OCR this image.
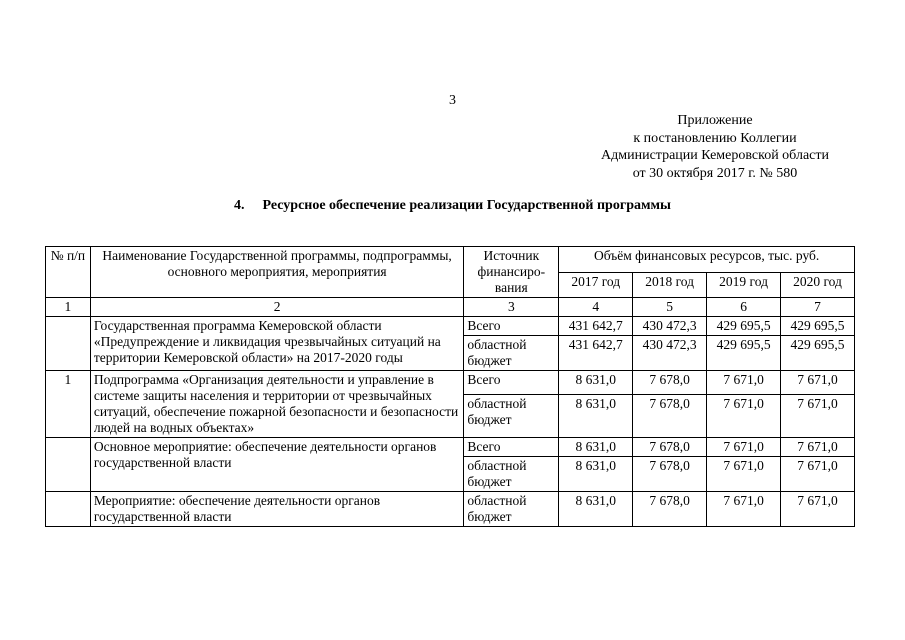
3
Приложение
к постановлению Коллегии
Администрации Кемеровской области
от 30 октября 2017 г. № 580
4. Ресурсное обеспечение реализации Государственной программы
№ п/п	Наименование Государственной программы, подпрограммы, основного мероприятия, мероприятия	Источник финансиро-вания	Объём финансовых ресурсов, тыс. руб.			
			2017 год	2018 год	2019 год	2020 год
1	2	3	4	5	6	7
	Государственная программа Кемеровской области «Предупреждение и ликвидация чрезвычайных ситуаций на территории Кемеровской области» на 2017-2020 годы	Всего	431 642,7	430 472,3	429 695,5	429 695,5
		областной бюджет	431 642,7	430 472,3	429 695,5	429 695,5
1	Подпрограмма «Организация деятельности и управление в системе защиты населения и территории от чрезвычайных ситуаций, обеспечение пожарной безопасности и безопасности людей на водных объектах»	Всего	8 631,0	7 678,0	7 671,0	7 671,0
		областной бюджет	8 631,0	7 678,0	7 671,0	7 671,0
	Основное мероприятие: обеспечение деятельности органов государственной власти	Всего	8 631,0	7 678,0	7 671,0	7 671,0
		областной бюджет	8 631,0	7 678,0	7 671,0	7 671,0
	Мероприятие: обеспечение деятельности органов государственной власти	областной бюджет	8 631,0	7 678,0	7 671,0	7 671,0
